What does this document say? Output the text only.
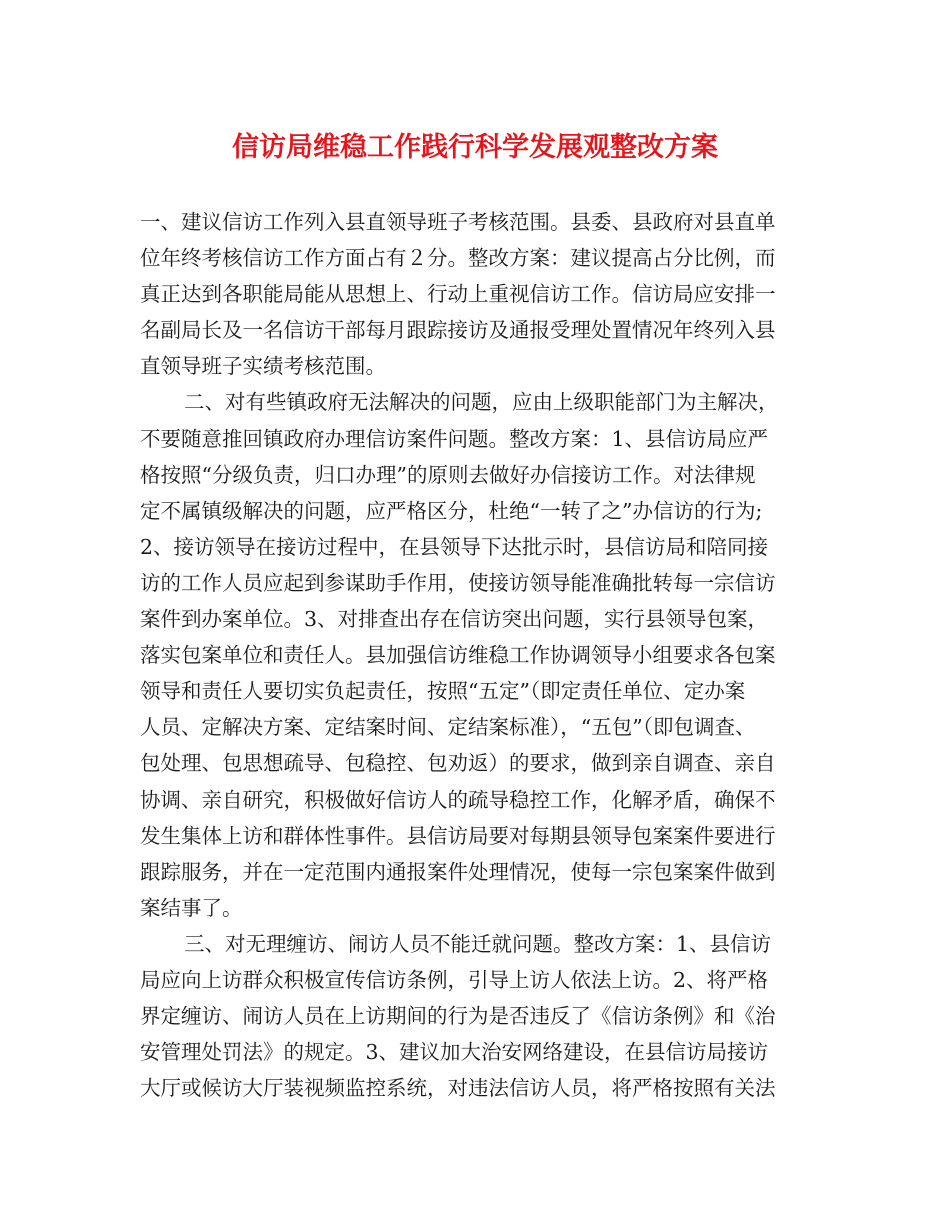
信访局维稳工作践行科学发展观整改方案
一、建议信访工作列入县直领导班子考核范围。县委、县政府对县直单
位年终考核信访工作方面占有２分。整改方案：建议提高占分比例，而
真正达到各职能局能从思想上、行动上重视信访工作。信访局应安排一
名副局长及一名信访干部每月跟踪接访及通报受理处置情况年终列入县
直领导班子实绩考核范围。
二、对有些镇政府无法解决的问题，应由上级职能部门为主解决，
不要随意推回镇政府办理信访案件问题。整改方案：1、县信访局应严
格按照“分级负责，归口办理”的原则去做好办信接访工作。对法律规
定不属镇级解决的问题，应严格区分，杜绝“一转了之”办信访的行为;
2、接访领导在接访过程中，在县领导下达批示时，县信访局和陪同接
访的工作人员应起到参谋助手作用，使接访领导能准确批转每一宗信访
案件到办案单位。3、对排查出存在信访突出问题，实行县领导包案，
落实包案单位和责任人。县加强信访维稳工作协调领导小组要求各包案
领导和责任人要切实负起责任，按照“五定”（即定责任单位、定办案
人员、定解决方案、定结案时间、定结案标准），“五包”（即包调查、
包处理、包思想疏导、包稳控、包劝返）的要求，做到亲自调查、亲自
协调、亲自研究，积极做好信访人的疏导稳控工作，化解矛盾，确保不
发生集体上访和群体性事件。县信访局要对每期县领导包案案件要进行
跟踪服务，并在一定范围内通报案件处理情况，使每一宗包案案件做到
案结事了。
三、对无理缠访、闹访人员不能迁就问题。整改方案：1、县信访
局应向上访群众积极宣传信访条例，引导上访人依法上访。2、将严格
界定缠访、闹访人员在上访期间的行为是否违反了《信访条例》和《治
安管理处罚法》的规定。3、建议加大治安网络建设，在县信访局接访
大厅或候访大厅装视频监控系统，对违法信访人员，将严格按照有关法
